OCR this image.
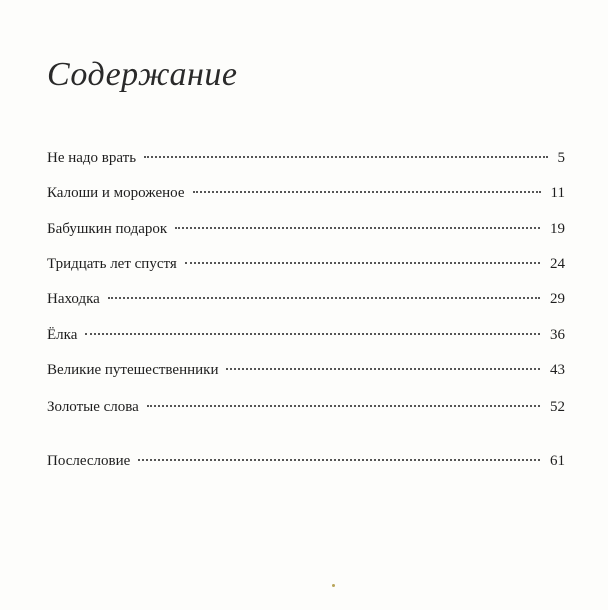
Содержание
Не надо врать	5
Калоши и мороженое	11
Бабушкин подарок	19
Тридцать лет спустя	24
Находка	29
Ёлка	36
Великие путешественники	43
Золотые слова	52
Послесловие	61
